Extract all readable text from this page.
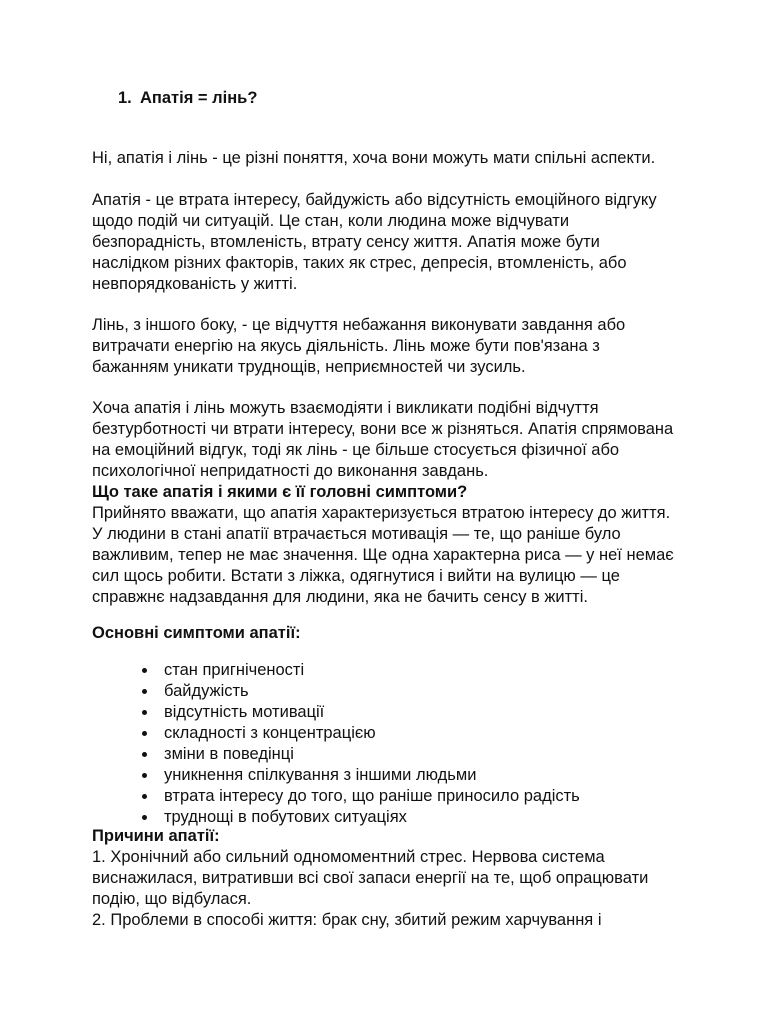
1. Апатія = лінь?

Ні, апатія і лінь - це різні поняття, хоча вони можуть мати спільні аспекти.

Апатія - це втрата інтересу, байдужість або відсутність емоційного відгуку
щодо подій чи ситуацій. Це стан, коли людина може відчувати
безпорадність, втомленість, втрату сенсу життя. Апатія може бути
наслідком різних факторів, таких як стрес, депресія, втомленість, або
невпорядкованість у житті.

Лінь, з іншого боку, - це відчуття небажання виконувати завдання або
витрачати енергію на якусь діяльність. Лінь може бути пов'язана з
бажанням уникати труднощів, неприємностей чи зусиль.

Хоча апатія і лінь можуть взаємодіяти і викликати подібні відчуття
безтурботності чи втрати інтересу, вони все ж різняться. Апатія спрямована
на емоційний відгук, тоді як лінь - це більше стосується фізичної або
психологічної непридатності до виконання завдань.
Що таке апатія і якими є її головні симптоми?
Прийнято вважати, що апатія характеризується втратою інтересу до життя.
У людини в стані апатії втрачається мотивація — те, що раніше було
важливим, тепер не має значення. Ще одна характерна риса — у неї немає
сил щось робити. Встати з ліжка, одягнутися і вийти на вулицю — це
справжнє надзавдання для людини, яка не бачить сенсу в житті.

Основні симптоми апатії:

стан пригніченості
байдужість
відсутність мотивації
складності з концентрацією
зміни в поведінці
уникнення спілкування з іншими людьми
втрата інтересу до того, що раніше приносило радість
труднощі в побутових ситуаціях

Причини апатії:
1. Хронічний або сильний одномоментний стрес. Нервова система
виснажилася, витративши всі свої запаси енергії на те, щоб опрацювати
подію, що відбулася.
2. Проблеми в способі життя: брак сну, збитий режим харчування і
